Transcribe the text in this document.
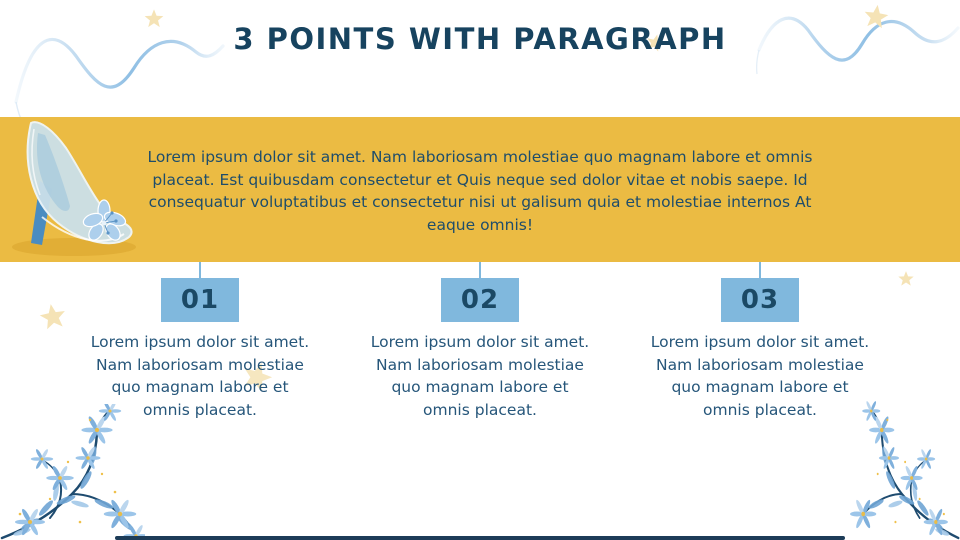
3 POINTS WITH PARAGRAPH
Lorem ipsum dolor sit amet. Nam laboriosam molestiae quo magnam labore et omnis placeat. Est quibusdam consectetur et Quis neque sed dolor vitae et nobis saepe. Id consequatur voluptatibus et consectetur nisi ut galisum quia et molestiae internos At eaque omnis!
01	02	03
Lorem ipsum dolor sit amet. Nam laboriosam molestiae quo magnam labore et omnis placeat.
Lorem ipsum dolor sit amet. Nam laboriosam molestiae quo magnam labore et omnis placeat.
Lorem ipsum dolor sit amet. Nam laboriosam molestiae quo magnam labore et omnis placeat.
